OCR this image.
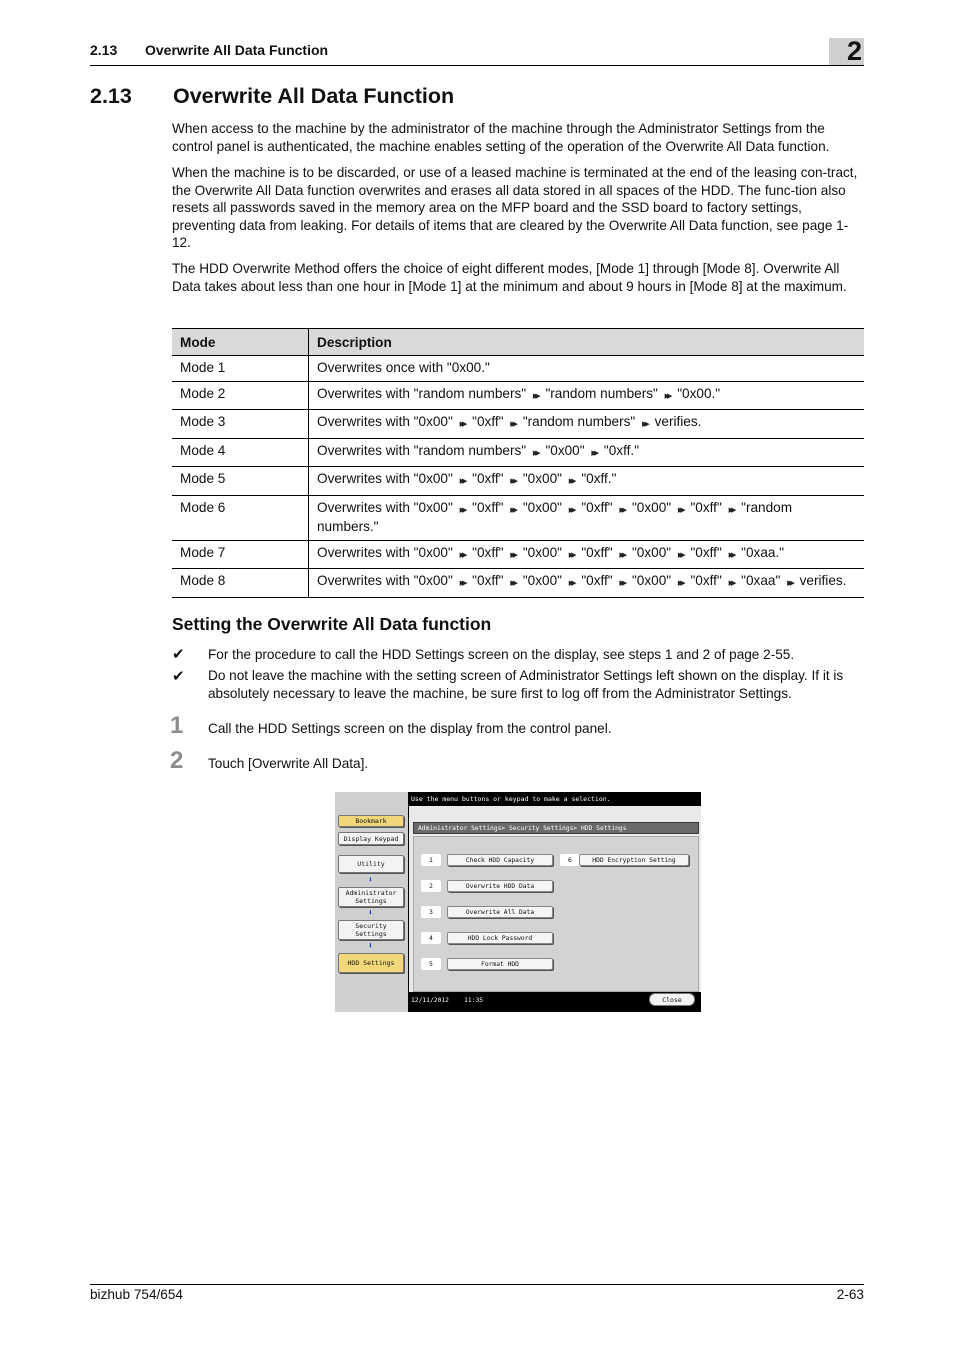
2.13 Overwrite All Data Function	2
2.13 Overwrite All Data Function

When access to the machine by the administrator of the machine through the Administrator Settings from the control panel is authenticated, the machine enables setting of the operation of the Overwrite All Data function.

When the machine is to be discarded, or use of a leased machine is terminated at the end of the leasing con-tract, the Overwrite All Data function overwrites and erases all data stored in all spaces of the HDD. The func-tion also resets all passwords saved in the memory area on the MFP board and the SSD board to factory settings, preventing data from leaking. For details of items that are cleared by the Overwrite All Data function, see page 1-12.

The HDD Overwrite Method offers the choice of eight different modes, [Mode 1] through [Mode 8]. Overwrite All Data takes about less than one hour in [Mode 1] at the minimum and about 9 hours in [Mode 8] at the maximum.

Mode	Description
Mode 1	Overwrites once with "0x00."
Mode 2	Overwrites with "random numbers" ▶▶ "random numbers" ▶▶ "0x00."
Mode 3	Overwrites with "0x00" ▶▶ "0xff" ▶▶ "random numbers" ▶▶ verifies.
Mode 4	Overwrites with "random numbers" ▶▶ "0x00" ▶▶ "0xff."
Mode 5	Overwrites with "0x00" ▶▶ "0xff" ▶▶ "0x00" ▶▶ "0xff."
Mode 6	Overwrites with "0x00" ▶▶ "0xff" ▶▶ "0x00" ▶▶ "0xff" ▶▶ "0x00" ▶▶ "0xff" ▶▶ "random numbers."
Mode 7	Overwrites with "0x00" ▶▶ "0xff" ▶▶ "0x00" ▶▶ "0xff" ▶▶ "0x00" ▶▶ "0xff" ▶▶ "0xaa."
Mode 8	Overwrites with "0x00" ▶▶ "0xff" ▶▶ "0x00" ▶▶ "0xff" ▶▶ "0x00" ▶▶ "0xff" ▶▶ "0xaa" ▶▶ verifies.
Setting the Overwrite All Data function
✔ For the procedure to call the HDD Settings screen on the display, see steps 1 and 2 of page 2-55.

✔ Do not leave the machine with the setting screen of Administrator Settings left shown on the display. If it is absolutely necessary to leave the machine, be sure first to log off from the Administrator Settings.

1 Call the HDD Settings screen on the display from the control panel.

2 Touch [Overwrite All Data].

Bookmark
Display Keypad
Utility
⬇
Administrator Settings
⬇
Security Settings
⬇
HDD Settings
Use the menu buttons or keypad to make a selection.
Administrator Settings> Security Settings> HDD Settings
1	Check HDD Capacity
2	Overwrite HDD Data
3	Overwrite All Data
4	HDD Lock Password
5	Format HDD
6	HDD Encryption Setting
12/11/2012 11:35	Close
bizhub 754/654	2-63
